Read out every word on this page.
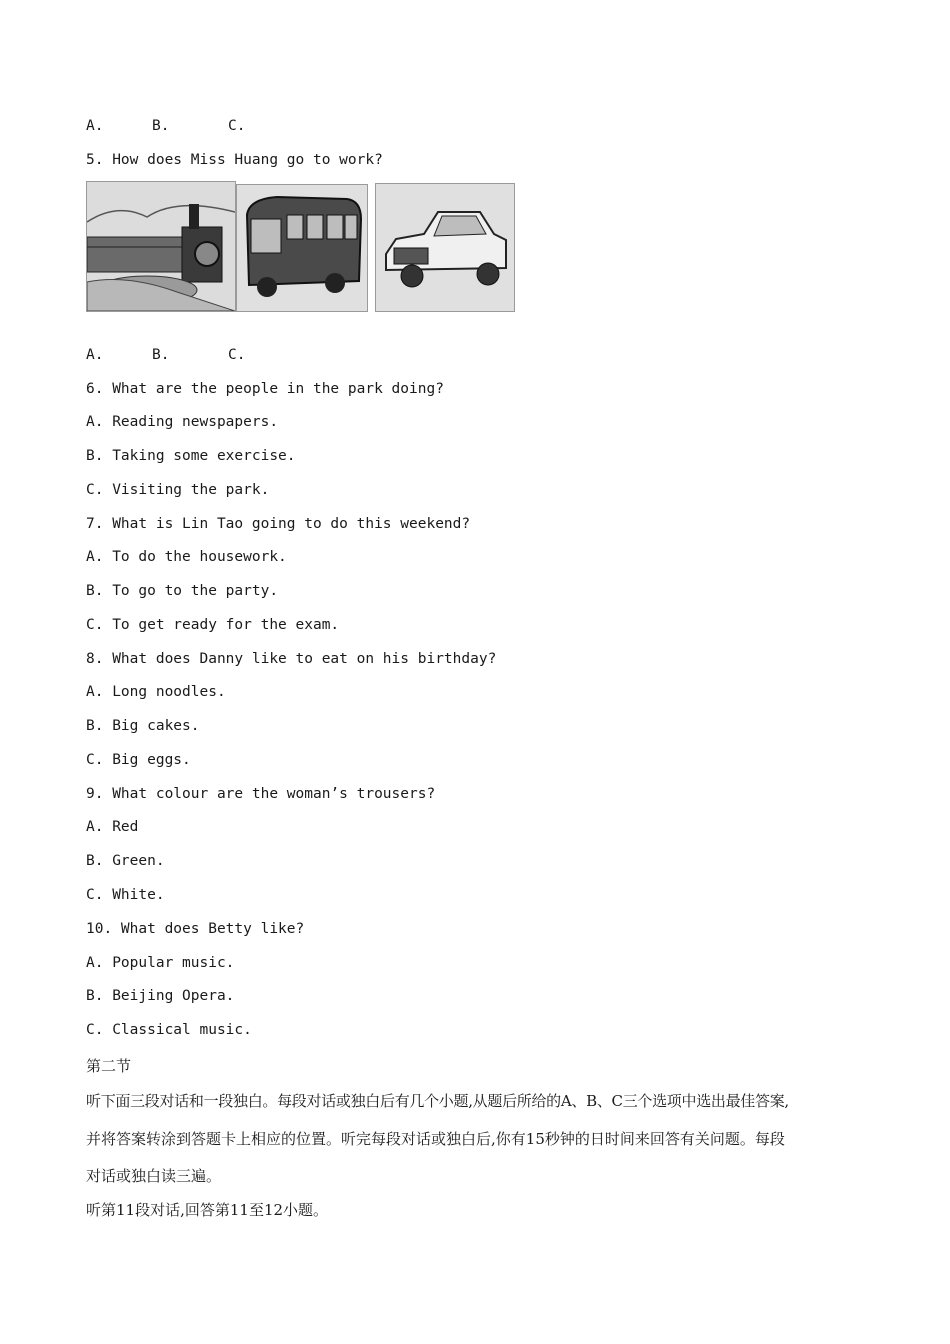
A.	B.	C.
5. How does Miss Huang go to work?
A.	B.	C.
6. What are the people in the park doing?
A. Reading newspapers.
B. Taking some exercise.
C. Visiting the park.
7. What is Lin Tao going to do this weekend?
A. To do the housework.
B. To go to the party.
C. To get ready for the exam.
8. What does Danny like to eat on his birthday?
A. Long noodles.
B. Big cakes.
C. Big eggs.
9. What colour are the woman’s trousers?
A. Red
B. Green.
C. White.
10. What does Betty like?
A. Popular music.
B. Beijing Opera.
C. Classical music.
第二节
听下面三段对话和一段独白。每段对话或独白后有几个小题,从题后所给的A、B、C三个选项中选出最佳答案,
并将答案转涂到答题卡上相应的位置。听完每段对话或独白后,你有15秒钟的日时间来回答有关问题。每段
对话或独白读三遍。
听第11段对话,回答第11至12小题。
